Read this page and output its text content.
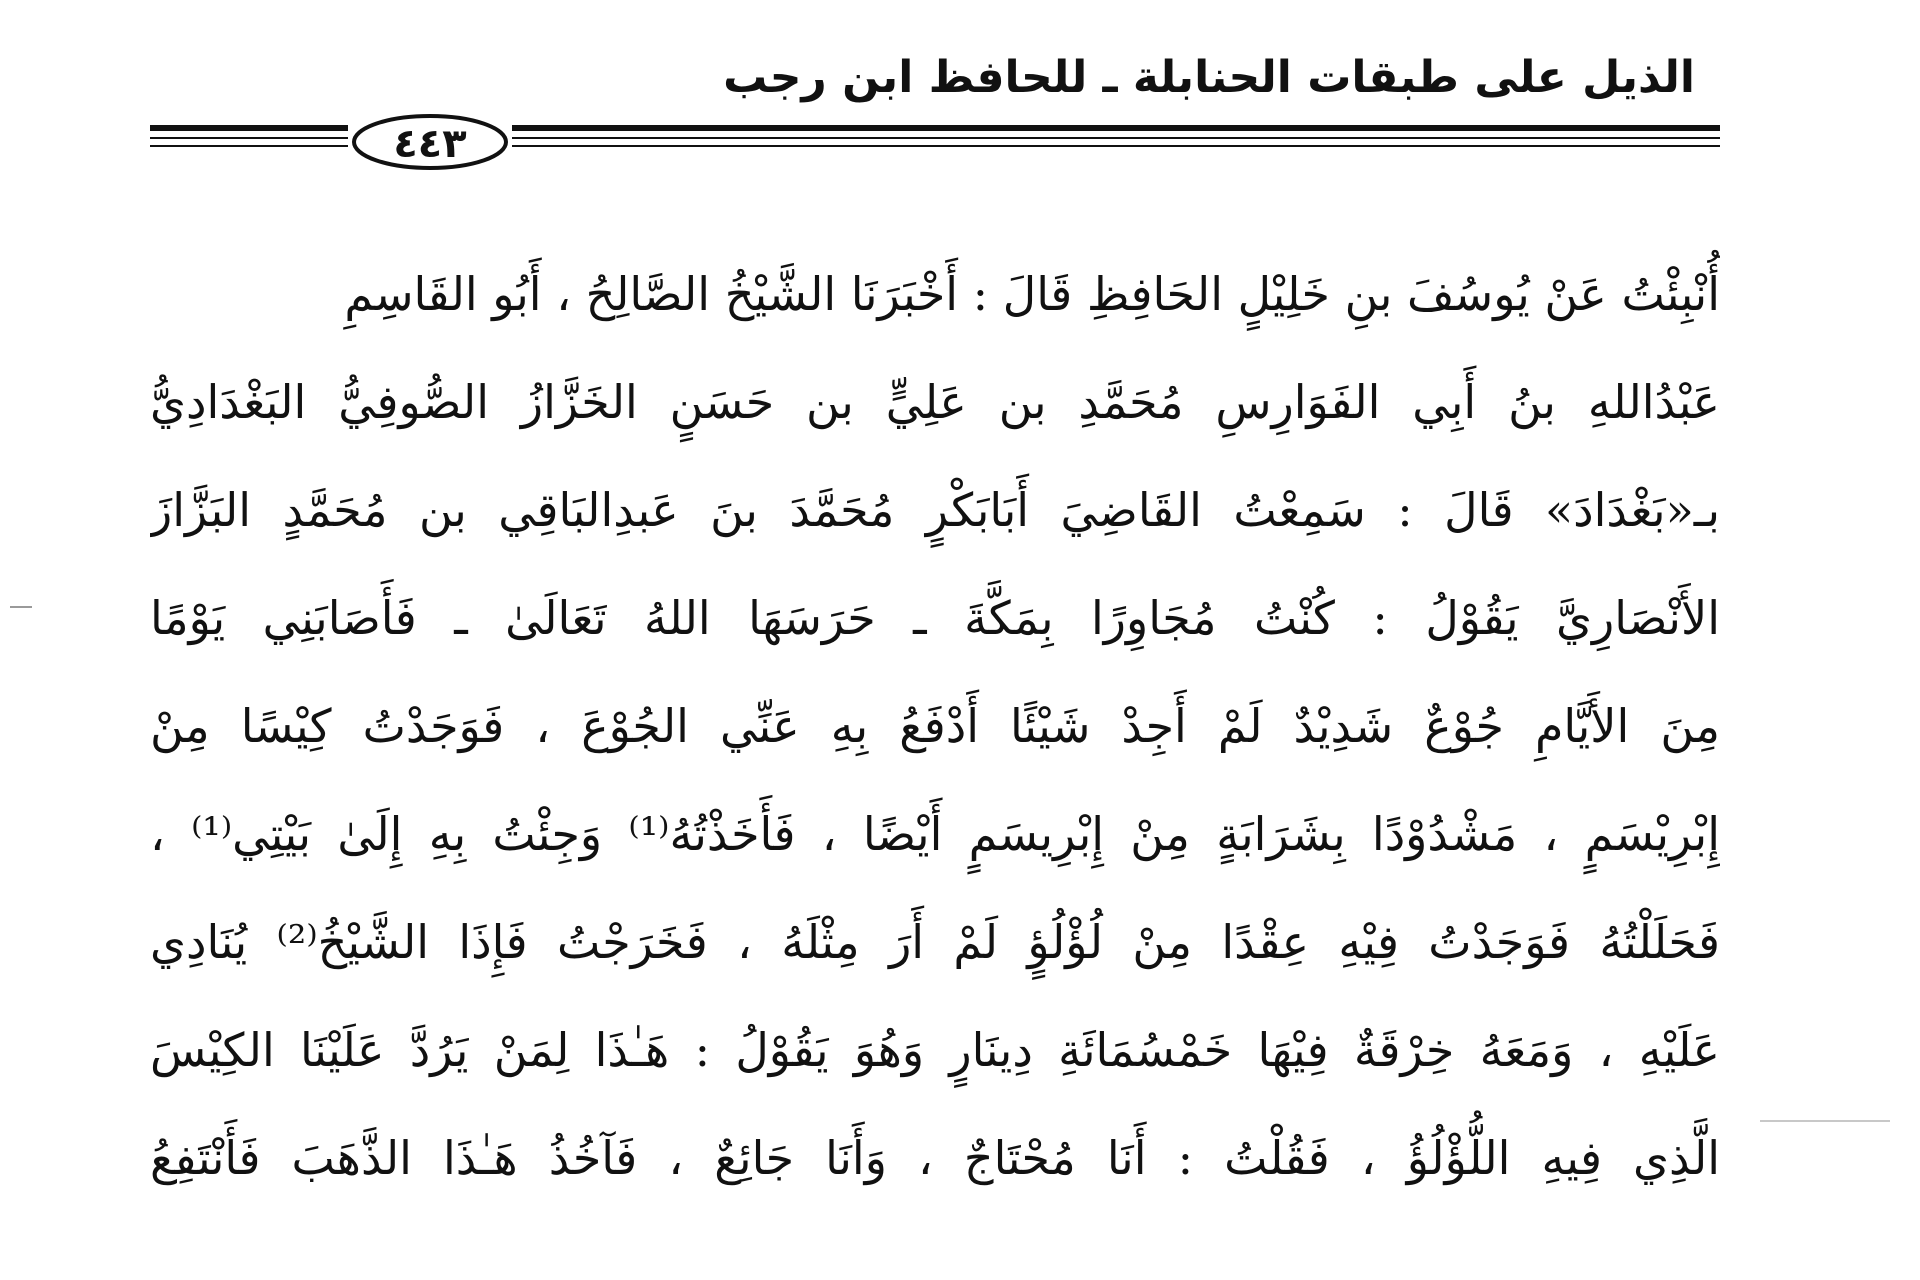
الذيل على طبقات الحنابلة ـ للحافظ ابن رجب
٤٤٣
أُنْبِئْتُ عَنْ يُوسُفَ بنِ خَلِيْلٍ الحَافِظِ قَالَ : أَخْبَرَنَا الشَّيْخُ الصَّالِحُ ، أَبُو القَاسِمِ
عَبْدُاللهِ بنُ أَبِي الفَوَارِسِ مُحَمَّدِ بن عَلِيٍّ بن حَسَنٍ الخَزَّازُ الصُّوفِيُّ البَغْدَادِيُّ
بـ«بَغْدَادَ» قَالَ : سَمِعْتُ القَاضِيَ أَبَابَكْرٍ مُحَمَّدَ بنَ عَبدِالبَاقِي بن مُحَمَّدٍ البَزَّازَ
الأَنْصَارِيَّ يَقُوْلُ : كُنْتُ مُجَاوِرًا بِمَكَّةَ ـ حَرَسَهَا اللهُ تَعَالَىٰ ـ فَأَصَابَنِي يَوْمًا
مِنَ الأَيَّامِ جُوْعٌ شَدِيْدٌ لَمْ أَجِدْ شَيْئًا أَدْفَعُ بِهِ عَنِّي الجُوْعَ ، فَوَجَدْتُ كِيْسًا مِنْ
إِبْرِيْسَمٍ ، مَشْدُوْدًا بِشَرَابَةٍ مِنْ إِبْرِيسَمٍ أَيْضًا ، فَأَخَذْتُهُ⁽¹⁾ وَجِئْتُ بِهِ إِلَىٰ بَيْتِي⁽¹⁾ ،
فَحَلَلْتُهُ فَوَجَدْتُ فِيْهِ عِقْدًا مِنْ لُؤْلُؤٍ لَمْ أَرَ مِثْلَهُ ، فَخَرَجْتُ فَإِذَا الشَّيْخُ⁽²⁾ يُنَادِي
عَلَيْهِ ، وَمَعَهُ خِرْقَةٌ فِيْهَا خَمْسُمَائَةِ دِينَارٍ وَهُوَ يَقُوْلُ : هَـٰذَا لِمَنْ يَرُدَّ عَلَيْنَا الكِيْسَ
الَّذِي فِيهِ اللُّؤْلُؤُ ، فَقُلْتُ : أَنَا مُحْتَاجٌ ، وَأَنَا جَائِعٌ ، فَآخُذُ هَـٰذَا الذَّهَبَ فَأَنْتَفِعُ
